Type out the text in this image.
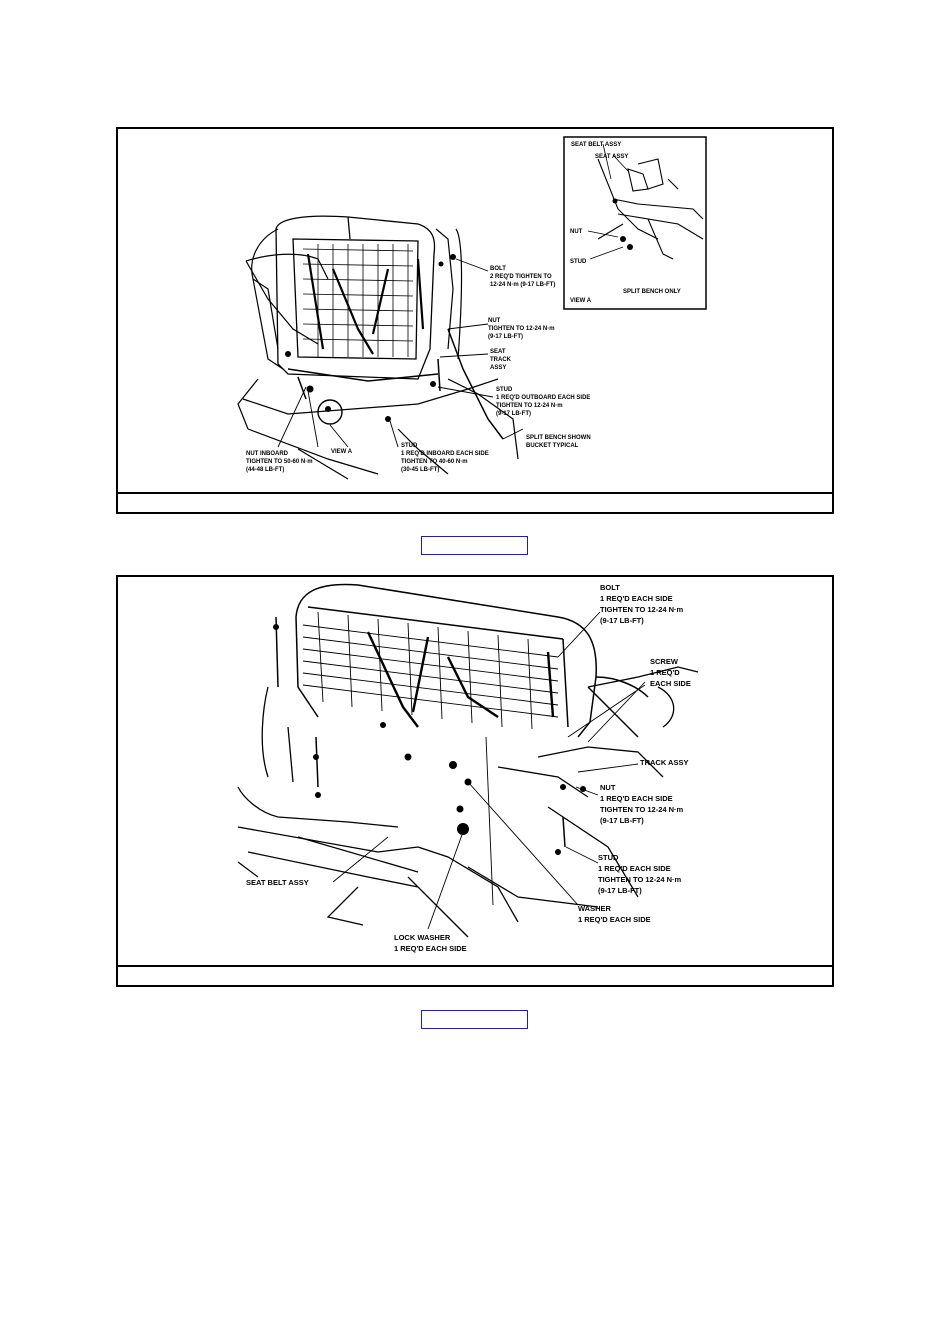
SEAT BELT ASSY
SEAT ASSY
NUT
STUD
SPLIT BENCH ONLY
VIEW A
BOLT
2 REQ'D TIGHTEN TO
12-24 N·m (9-17 LB-FT)
NUT
TIGHTEN TO 12-24 N·m
(9-17 LB-FT)
SEAT
TRACK
ASSY
STUD
1 REQ'D OUTBOARD EACH SIDE
TIGHTEN TO 12-24 N·m
(9-17 LB-FT)
SPLIT BENCH SHOWN
BUCKET TYPICAL
STUD
1 REQ'D INBOARD EACH SIDE
TIGHTEN TO 40-60 N·m
(30-45 LB-FT)
NUT INBOARD
TIGHTEN TO 50-60 N·m
(44-48 LB-FT)
VIEW A
BOLT
1 REQ'D EACH SIDE
TIGHTEN TO 12-24 N·m
(9-17 LB-FT)
SCREW
1 REQ'D
EACH SIDE
TRACK ASSY
NUT
1 REQ'D EACH SIDE
TIGHTEN TO 12-24 N·m
(9-17 LB-FT)
STUD
1 REQ'D EACH SIDE
TIGHTEN TO 12-24 N·m
(9-17 LB-FT)
WASHER
1 REQ'D EACH SIDE
SEAT BELT ASSY
LOCK WASHER
1 REQ'D EACH SIDE
